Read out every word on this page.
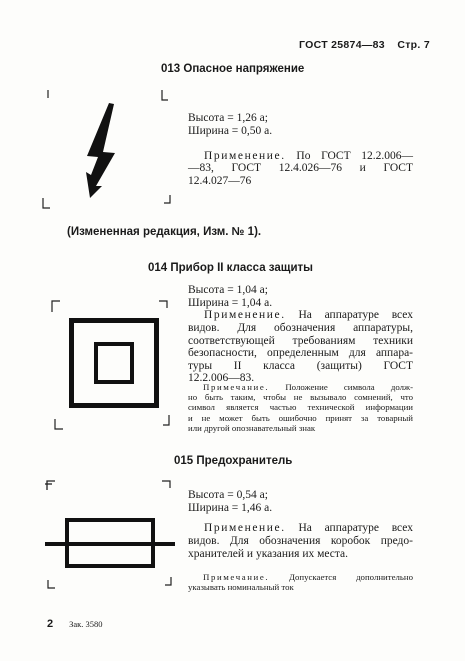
ГОСТ 25874—83 Стр. 7
013 Опасное напряжение
Высота = 1,26 a;
Ширина = 0,50 a.
Применение. По ГОСТ 12.2.006—
—83, ГОСТ 12.4.026—76 и ГОСТ
12.4.027—76
(Измененная редакция, Изм. № 1).
014 Прибор II класса защиты
Высота = 1,04 a;
Ширина = 1,04 a.
Применение. На аппаратуре всех
видов. Для обозначения аппаратуры,
соответствующей требованиям техники
безопасности, определенным для аппара-
туры II класса (защиты) ГОСТ
12.2.006—83.
Примечание. Положение символа долж-
но быть таким, чтобы не вызывало сомнений, что
символ является частью технической информации
и не может быть ошибочно принят за товарный
или другой опознавательный знак
015 Предохранитель
Высота = 0,54 a;
Ширина = 1,46 a.
Применение. На аппаратуре всех
видов. Для обозначения коробок предо-
хранителей и указания их места.
Примечание. Допускается дополнительно
указывать номинальный ток
2 Зак. 3580
